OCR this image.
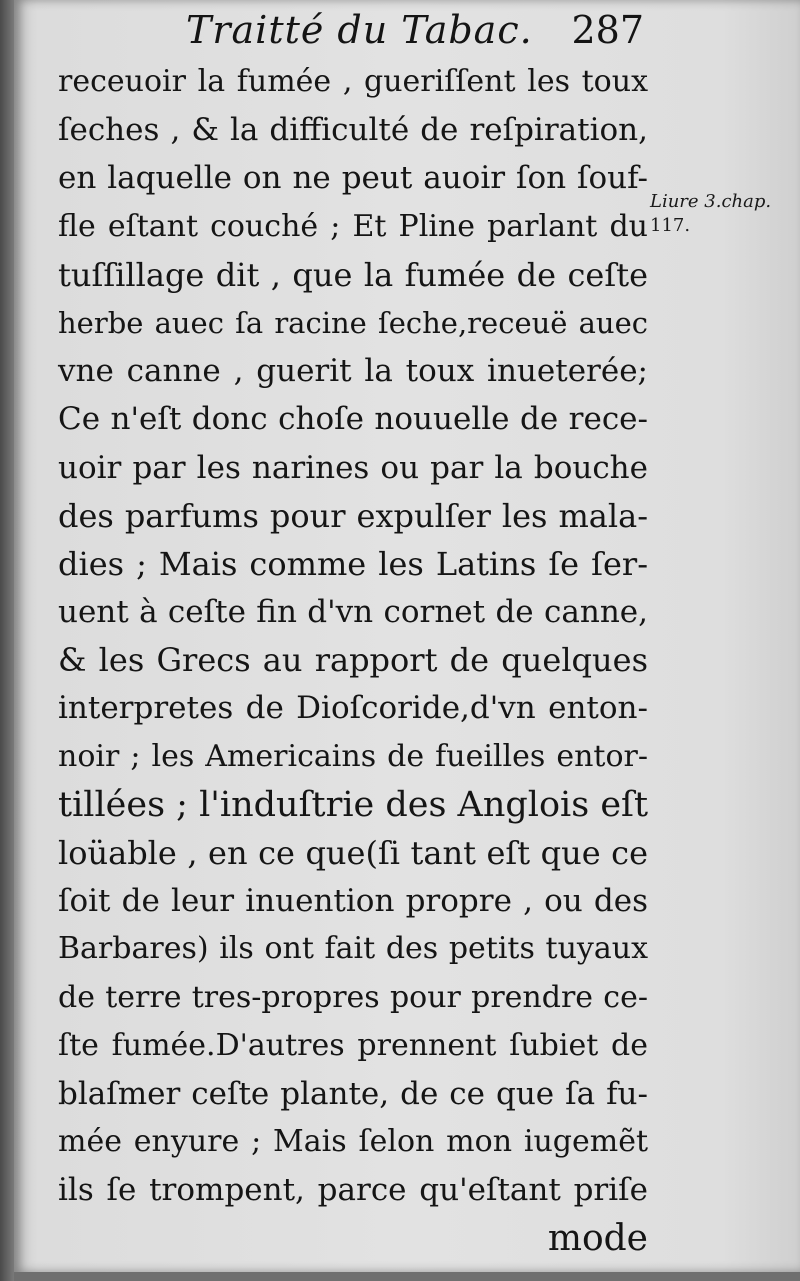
Traitté du Tabac. 287
Liure 3.chap.
117.
receuoir la fumée , gueriſſent les toux
ſeches , & la difficulté de reſpiration,
en laquelle on ne peut auoir ſon ſouf-
fle eſtant couché ; Et Pline parlant du
tuſſillage dit , que la fumée de ceſte
herbe auec ſa racine ſeche,receuë auec
vne canne , guerit la toux inueterée;
Ce n'eſt donc choſe nouuelle de rece-
uoir par les narines ou par la bouche
des parfums pour expulſer les mala-
dies ; Mais comme les Latins ſe ſer-
uent à ceſte fin d'vn cornet de canne,
& les Grecs au rapport de quelques
interpretes de Dioſcoride,d'vn enton-
noir ; les Americains de fueilles entor-
tillées ; l'induſtrie des Anglois eſt
loüable , en ce que(ſi tant eſt que ce
ſoit de leur inuention propre , ou des
Barbares) ils ont fait des petits tuyaux
de terre tres-propres pour prendre ce-
ſte fumée.D'autres prennent ſubiet de
blaſmer ceſte plante, de ce que ſa fu-
mée enyure ; Mais ſelon mon iugemẽt
ils ſe trompent, parce qu'eſtant priſe
mode
